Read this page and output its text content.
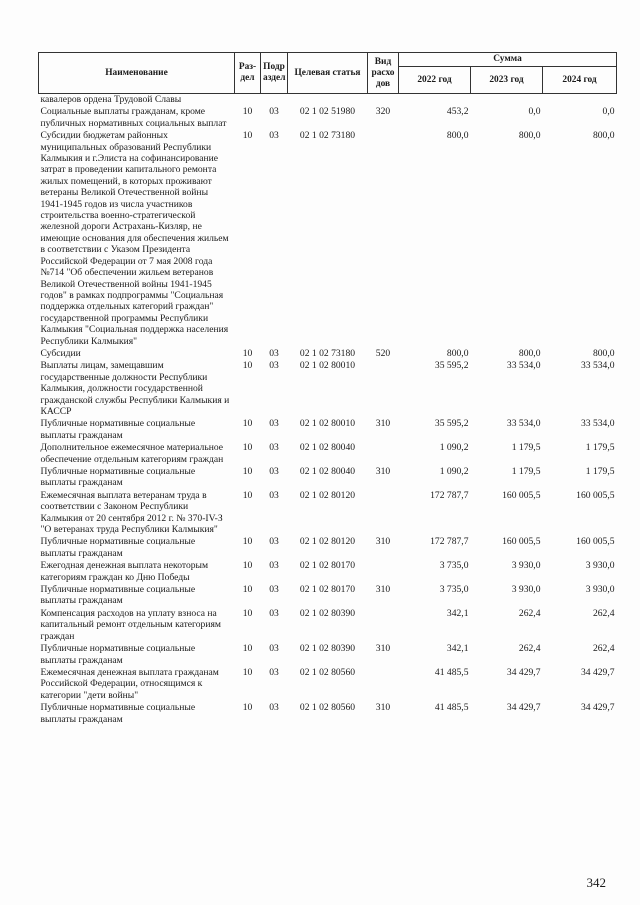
Наименование	Раз-дел	Подр аздел	Целевая статья	Вид расхо дов	Сумма		
					2022 год	2023 год	2024 год
кавалеров ордена Трудовой Славы							
Социальные выплаты гражданам, кроме публичных нормативных социальных выплат	10	03	02 1 02 51980	320	453,2	0,0	0,0
Субсидии бюджетам районных муниципальных образований Республики Калмыкия и г.Элиста на софинансирование затрат в проведении капитального ремонта жилых помещений, в которых проживают ветераны Великой Отечественной войны 1941-1945 годов из числа участников строительства военно-стратегической железной дороги Астрахань-Кизляр, не имеющие основания для обеспечения жильем в соответствии с Указом Президента Российской Федерации от 7 мая 2008 года №714 "Об обеспечении жильем ветеранов Великой Отечественной войны 1941-1945 годов" в рамках подпрограммы "Социальная поддержка отдельных категорий граждан" государственной программы Республики Калмыкия "Социальная поддержка населения Республики Калмыкия"	10	03	02 1 02 73180		800,0	800,0	800,0
Субсидии	10	03	02 1 02 73180	520	800,0	800,0	800,0
Выплаты лицам, замещавшим государственные должности Республики Калмыкия, должности государственной гражданской службы Республики Калмыкия и КАССР	10	03	02 1 02 80010		35 595,2	33 534,0	33 534,0
Публичные нормативные социальные выплаты гражданам	10	03	02 1 02 80010	310	35 595,2	33 534,0	33 534,0
Дополнительное ежемесячное материальное обеспечение отдельным категориям граждан	10	03	02 1 02 80040		1 090,2	1 179,5	1 179,5
Публичные нормативные социальные выплаты гражданам	10	03	02 1 02 80040	310	1 090,2	1 179,5	1 179,5
Ежемесячная выплата ветеранам труда в соответствии с Законом Республики Калмыкия от 20 сентября 2012 г. № 370-IV-З "О ветеранах труда Республики Калмыкия"	10	03	02 1 02 80120		172 787,7	160 005,5	160 005,5
Публичные нормативные социальные выплаты гражданам	10	03	02 1 02 80120	310	172 787,7	160 005,5	160 005,5
Ежегодная денежная выплата некоторым категориям граждан ко Дню Победы	10	03	02 1 02 80170		3 735,0	3 930,0	3 930,0
Публичные нормативные социальные выплаты гражданам	10	03	02 1 02 80170	310	3 735,0	3 930,0	3 930,0
Компенсация расходов на уплату взноса на капитальный ремонт отдельным категориям граждан	10	03	02 1 02 80390		342,1	262,4	262,4
Публичные нормативные социальные выплаты гражданам	10	03	02 1 02 80390	310	342,1	262,4	262,4
Ежемесячная денежная выплата гражданам Российской Федерации, относящимся к категории "дети войны"	10	03	02 1 02 80560		41 485,5	34 429,7	34 429,7
Публичные нормативные социальные выплаты гражданам	10	03	02 1 02 80560	310	41 485,5	34 429,7	34 429,7
342
